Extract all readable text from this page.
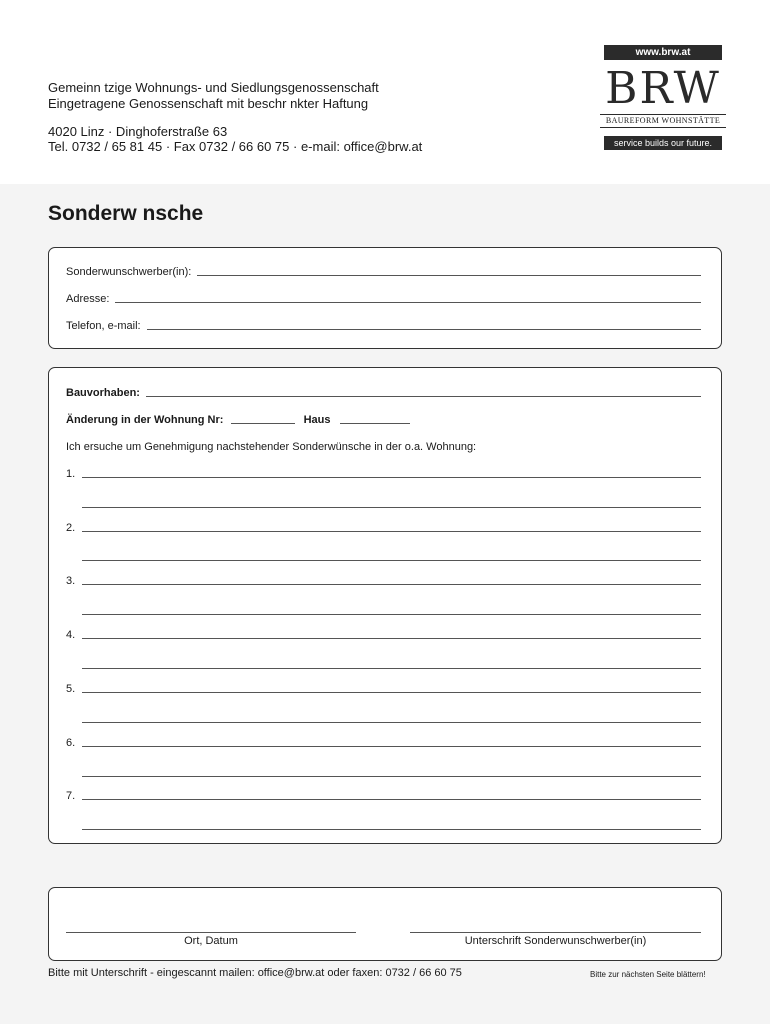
Gemeinn tzige Wohnungs- und Siedlungsgenossenschaft
Eingetragene Genossenschaft mit beschr nkter Haftung
4020 Linz · Dinghoferstraße 63
Tel. 0732 / 65 81 45 · Fax 0732 / 66 60 75 · e-mail: office@brw.at
www.brw.at
BRW
BAUREFORM WOHNSTÄTTE
service builds our future.
Sonderw nsche
Sonderwunschwerber(in):
Adresse:
Telefon, e-mail:
Bauvorhaben:
Änderung in der Wohnung Nr:	Haus
Ich ersuche um Genehmigung nachstehender Sonderwünsche in der o.a. Wohnung:
1.
2.
3.
4.
5.
6.
7.
Ort, Datum	Unterschrift Sonderwunschwerber(in)
Bitte mit Unterschrift - eingescannt mailen: office@brw.at oder faxen: 0732 / 66 60 75	Bitte zur nächsten Seite blättern!
